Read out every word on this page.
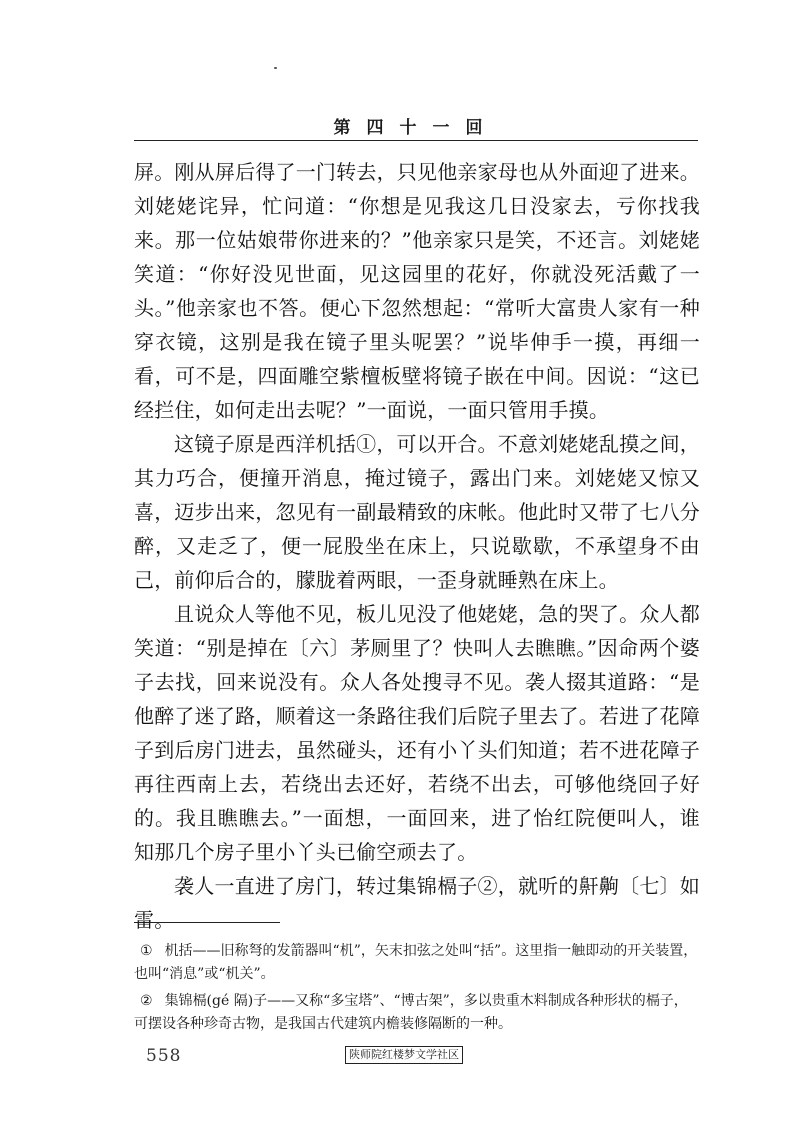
第四十一回

屏。刚从屏后得了一门转去，只见他亲家母也从外面迎了进来。刘姥姥诧异，忙问道：“你想是见我这几日没家去，亏你找我来。那一位姑娘带你进来的？”他亲家只是笑，不还言。刘姥姥笑道：“你好没见世面，见这园里的花好，你就没死活戴了一头。”他亲家也不答。便心下忽然想起：“常听大富贵人家有一种穿衣镜，这别是我在镜子里头呢罢？”说毕伸手一摸，再细一看，可不是，四面雕空紫檀板壁将镜子嵌在中间。因说：“这已经拦住，如何走出去呢？”一面说，一面只管用手摸。

这镜子原是西洋机括①，可以开合。不意刘姥姥乱摸之间，其力巧合，便撞开消息，掩过镜子，露出门来。刘姥姥又惊又喜，迈步出来，忽见有一副最精致的床帐。他此时又带了七八分醉，又走乏了，便一屁股坐在床上，只说歇歇，不承望身不由己，前仰后合的，朦胧着两眼，一歪身就睡熟在床上。

且说众人等他不见，板儿见没了他姥姥，急的哭了。众人都笑道：“别是掉在〔六〕茅厕里了？快叫人去瞧瞧。”因命两个婆子去找，回来说没有。众人各处搜寻不见。袭人掇其道路：“是他醉了迷了路，顺着这一条路往我们后院子里去了。若进了花障子到后房门进去，虽然碰头，还有小丫头们知道；若不进花障子再往西南上去，若绕出去还好，若绕不出去，可够他绕回子好的。我且瞧瞧去。”一面想，一面回来，进了怡红院便叫人，谁知那几个房子里小丫头已偷空顽去了。

袭人一直进了房门，转过集锦槅子②，就听的鼾齁〔七〕如雷。

① 机括——旧称弩的发箭器叫“机”，矢末扣弦之处叫“括”。这里指一触即动的开关装置，也叫“消息”或“机关”。

② 集锦槅(gé 隔)子——又称“多宝塔”、“博古架”，多以贵重木料制成各种形状的槅子，可摆设各种珍奇古物，是我国古代建筑内檐装修隔断的一种。

558	陕师院红楼梦文学社区
